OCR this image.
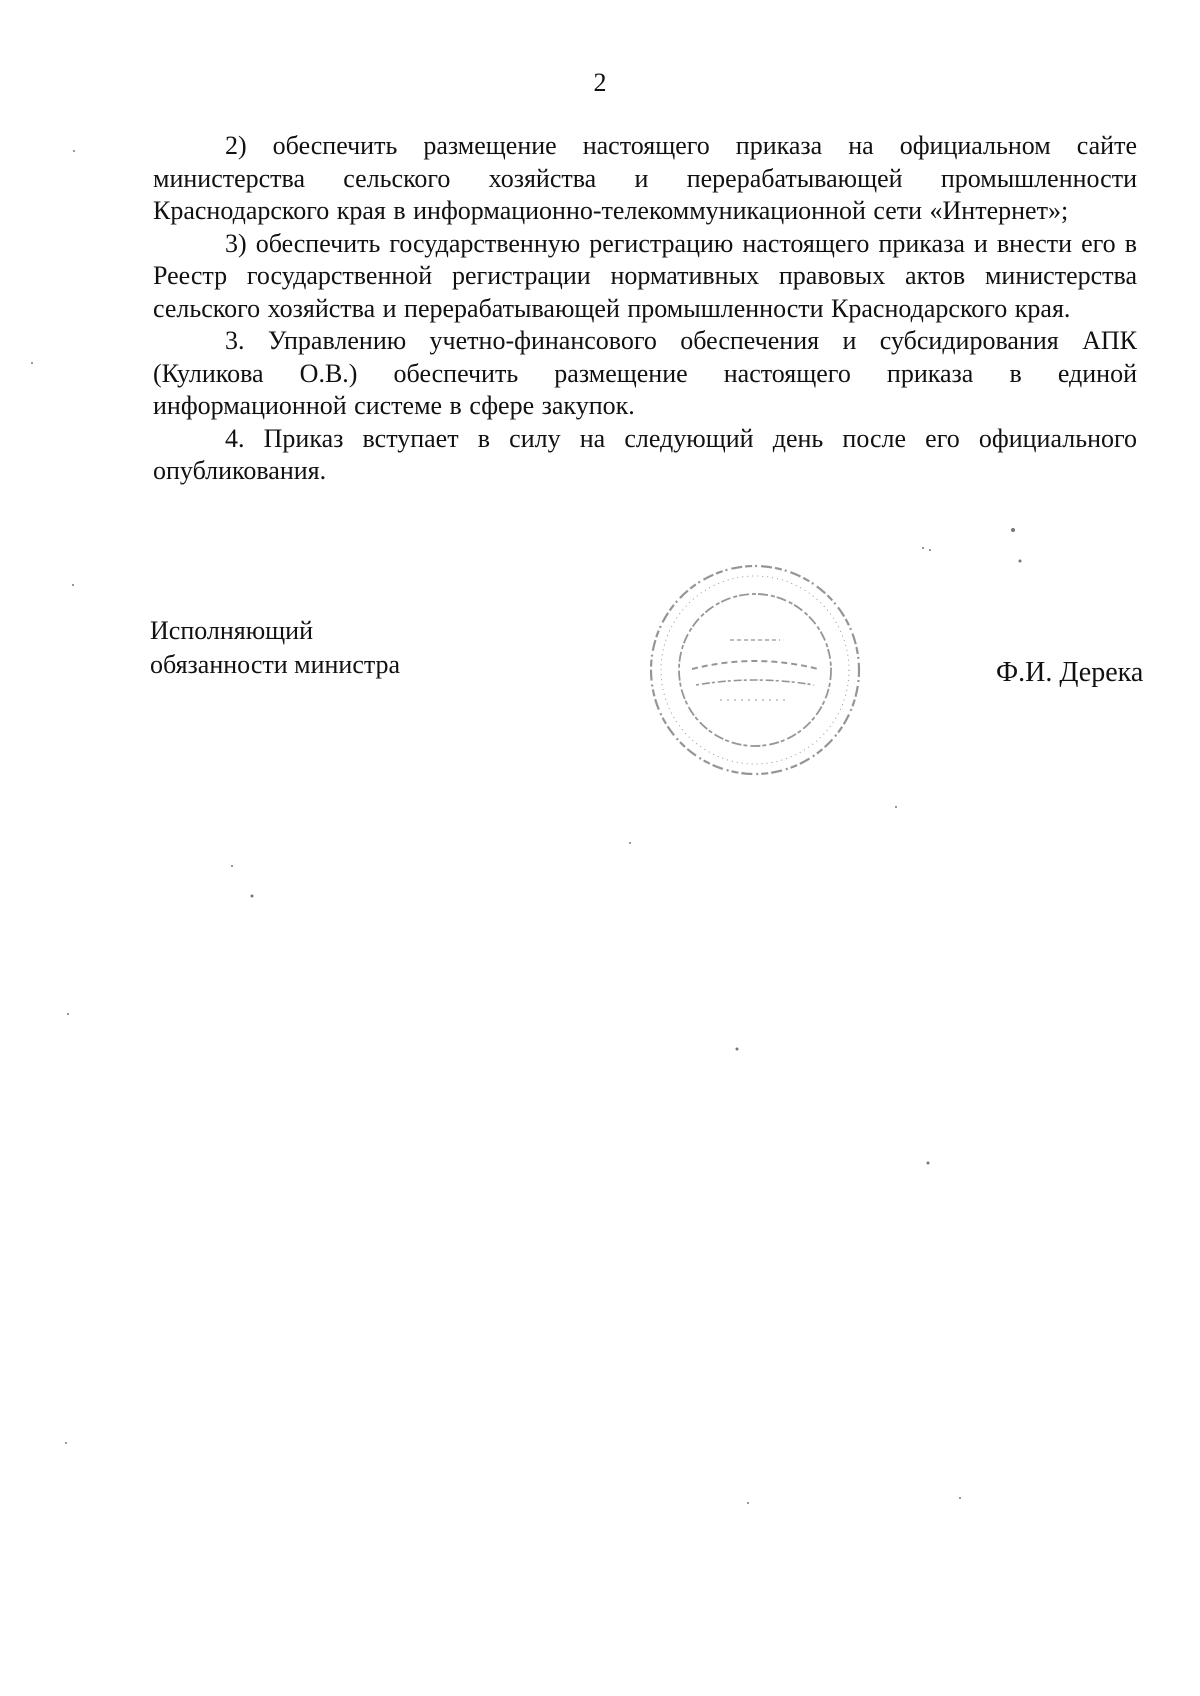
2

2) обеспечить размещение настоящего приказа на официальном сайте министерства сельского хозяйства и перерабатывающей промышленности Краснодарского края в информационно-телекоммуникационной сети «Интернет»;

3) обеспечить государственную регистрацию настоящего приказа и внести его в Реестр государственной регистрации нормативных правовых актов министерства сельского хозяйства и перерабатывающей промышленности Краснодарского края.

3. Управлению учетно-финансового обеспечения и субсидирования АПК (Куликова О.В.) обеспечить размещение настоящего приказа в единой информационной системе в сфере закупок.

4. Приказ вступает в силу на следующий день после его официального опубликования.

Исполняющий
обязанности министра	Ф.И. Дерека
